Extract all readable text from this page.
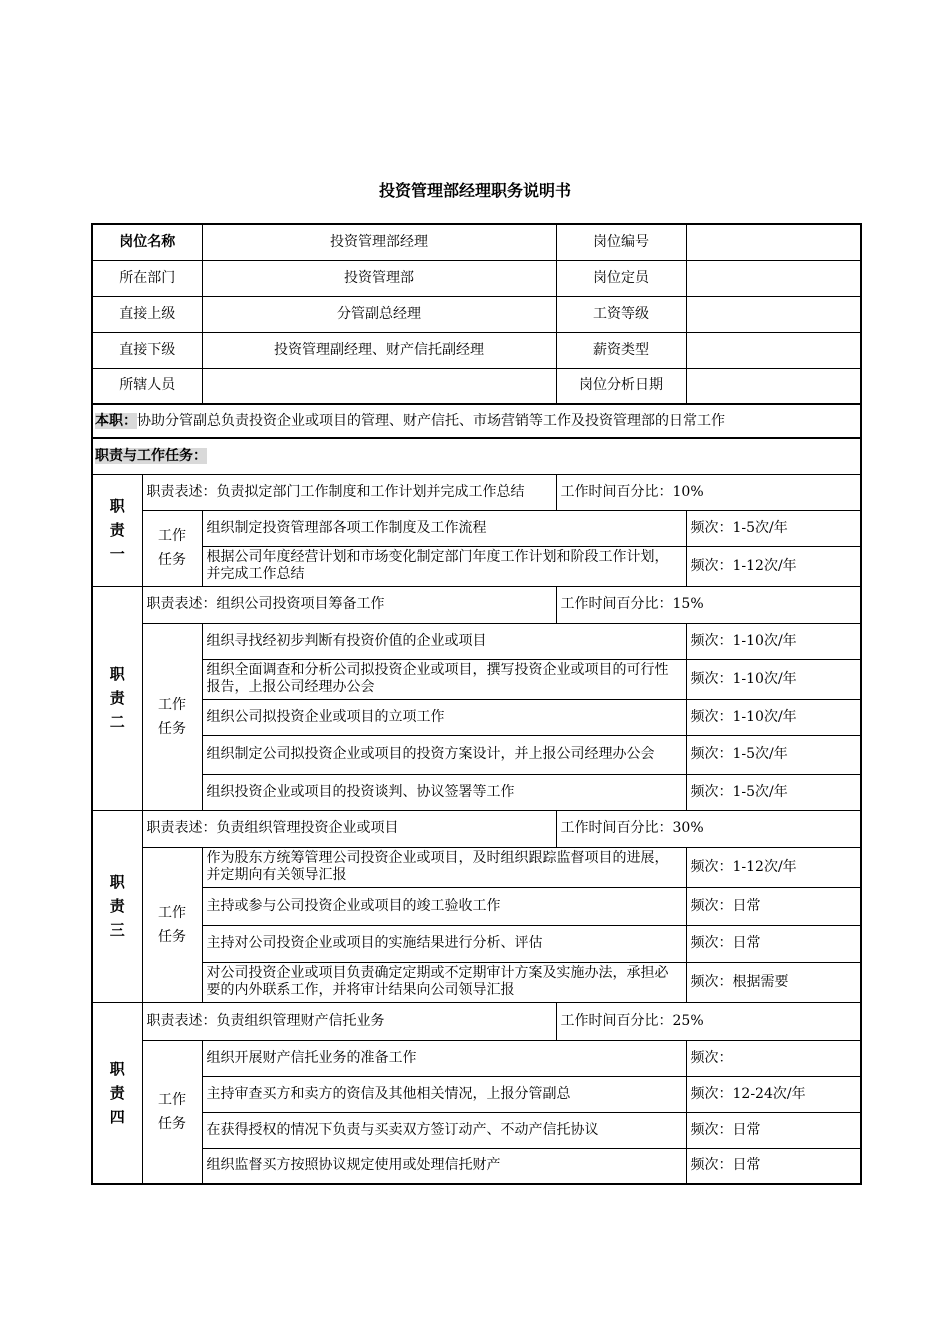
投资管理部经理职务说明书
岗位名称		投资管理部经理	岗位编号	
所在部门		投资管理部	岗位定员	
直接上级		分管副总经理	工资等级	
直接下级		投资管理副经理、财产信托副经理	薪资类型	
所辖人员			岗位分析日期	
本职：协助分管副总负责投资企业或项目的管理、财产信托、市场营销等工作及投资管理部的日常工作				
职责与工作任务：				
职责一	职责表述：负责拟定部门工作制度和工作计划并完成工作总结		工作时间百分比：10%	
	工作任务	组织制定投资管理部各项工作制度及工作流程		频次：1-5次/年
		根据公司年度经营计划和市场变化制定部门年度工作计划和阶段工作计划，并完成工作总结		频次：1-12次/年
职责二	职责表述：组织公司投资项目筹备工作		工作时间百分比：15%	
	工作任务	组织寻找经初步判断有投资价值的企业或项目		频次：1-10次/年
		组织全面调查和分析公司拟投资企业或项目，撰写投资企业或项目的可行性报告，上报公司经理办公会		频次：1-10次/年
		组织公司拟投资企业或项目的立项工作		频次：1-10次/年
		组织制定公司拟投资企业或项目的投资方案设计，并上报公司经理办公会		频次：1-5次/年
		组织投资企业或项目的投资谈判、协议签署等工作		频次：1-5次/年
职责三	职责表述：负责组织管理投资企业或项目		工作时间百分比：30%	
	工作任务	作为股东方统筹管理公司投资企业或项目，及时组织跟踪监督项目的进展，并定期向有关领导汇报		频次：1-12次/年
		主持或参与公司投资企业或项目的竣工验收工作		频次：日常
		主持对公司投资企业或项目的实施结果进行分析、评估		频次：日常
		对公司投资企业或项目负责确定定期或不定期审计方案及实施办法，承担必要的内外联系工作，并将审计结果向公司领导汇报		频次：根据需要
职责四	职责表述：负责组织管理财产信托业务		工作时间百分比：25%	
	工作任务	组织开展财产信托业务的准备工作		频次：
		主持审查买方和卖方的资信及其他相关情况，上报分管副总		频次：12-24次/年
		在获得授权的情况下负责与买卖双方签订动产、不动产信托协议		频次：日常
		组织监督买方按照协议规定使用或处理信托财产		频次：日常
